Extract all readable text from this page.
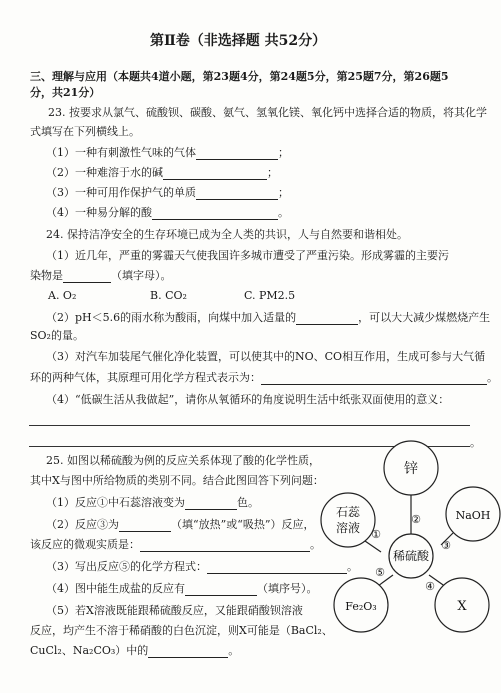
第Ⅱ卷（非选择题 共52分）
三、理解与应用（本题共4道小题，第23题4分，第24题5分，第25题7分，第26题5
分，共21分）
23. 按要求从氯气、硫酸钡、碳酸、氨气、氢氧化镁、氧化钙中选择合适的物质，将其化学
式填写在下列横线上。
（1）一种有刺激性气味的气体	；
（2）一种难溶于水的碱	；
（3）一种可用作保护气的单质	；
（4）一种易分解的酸	。
24. 保持洁净安全的生存环境已成为全人类的共识，人与自然要和谐相处。
（1）近几年，严重的雾霾天气使我国许多城市遭受了严重污染。形成雾霾的主要污
染物是	（填字母）。
A. O₂	B. CO₂	C. PM2.5
（2）pH＜5.6的雨水称为酸雨，向煤中加入适量的	，可以大大减少煤燃烧产生
SO₂的量。
（3）对汽车加装尾气催化净化装置，可以使其中的NO、CO相互作用，生成可参与大气循
环的两种气体，其原理可用化学方程式表示为：	。
（4）“低碳生活从我做起”，请你从氧循环的角度说明生活中纸张双面使用的意义：
。
25. 如图以稀硫酸为例的反应关系体现了酸的化学性质，
其中X与图中所给物质的类别不同。结合此图回答下列问题：
（1）反应①中石蕊溶液变为	色。
（2）反应③为	（填“放热”或“吸热”）反应，
该反应的微观实质是：	。
（3）写出反应⑤的化学方程式：	。
（4）图中能生成盐的反应有	（填序号）。
（5）若X溶液既能跟稀硫酸反应，又能跟硝酸钡溶液
反应，均产生不溶于稀硝酸的白色沉淀，则X可能是（BaCl₂、
CuCl₂、Na₂CO₃）中的	。
稀硫酸
锌
石蕊
溶液
NaOH
Fe₂O₃	X
①
②
③
④
⑤
